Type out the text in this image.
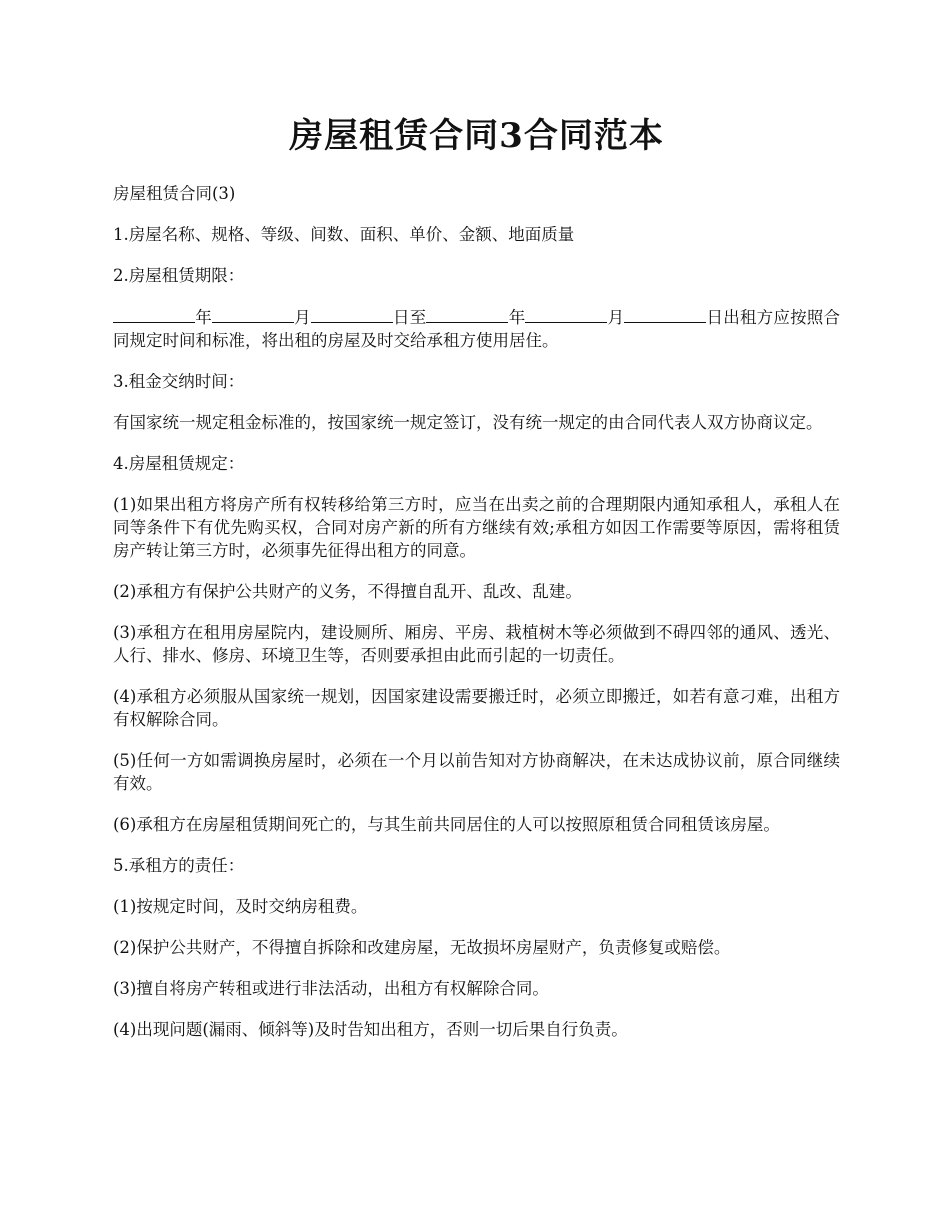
房屋租赁合同3合同范本

房屋租赁合同(3)

1.房屋名称、规格、等级、间数、面积、单价、金额、地面质量

2.房屋租赁期限：

年	月	日至	年	月	日出租方应按照合同规定时间和标准，将出租的房屋及时交给承租方使用居住。

3.租金交纳时间：

有国家统一规定租金标准的，按国家统一规定签订，没有统一规定的由合同代表人双方协商议定。

4.房屋租赁规定：

(1)如果出租方将房产所有权转移给第三方时，应当在出卖之前的合理期限内通知承租人，承租人在同等条件下有优先购买权，合同对房产新的所有方继续有效;承租方如因工作需要等原因，需将租赁房产转让第三方时，必须事先征得出租方的同意。

(2)承租方有保护公共财产的义务，不得擅自乱开、乱改、乱建。

(3)承租方在租用房屋院内，建设厕所、厢房、平房、栽植树木等必须做到不碍四邻的通风、透光、人行、排水、修房、环境卫生等，否则要承担由此而引起的一切责任。

(4)承租方必须服从国家统一规划，因国家建设需要搬迁时，必须立即搬迁，如若有意刁难，出租方有权解除合同。

(5)任何一方如需调换房屋时，必须在一个月以前告知对方协商解决，在未达成协议前，原合同继续有效。

(6)承租方在房屋租赁期间死亡的，与其生前共同居住的人可以按照原租赁合同租赁该房屋。

5.承租方的责任：

(1)按规定时间，及时交纳房租费。

(2)保护公共财产，不得擅自拆除和改建房屋，无故损坏房屋财产，负责修复或赔偿。

(3)擅自将房产转租或进行非法活动，出租方有权解除合同。

(4)出现问题(漏雨、倾斜等)及时告知出租方，否则一切后果自行负责。
